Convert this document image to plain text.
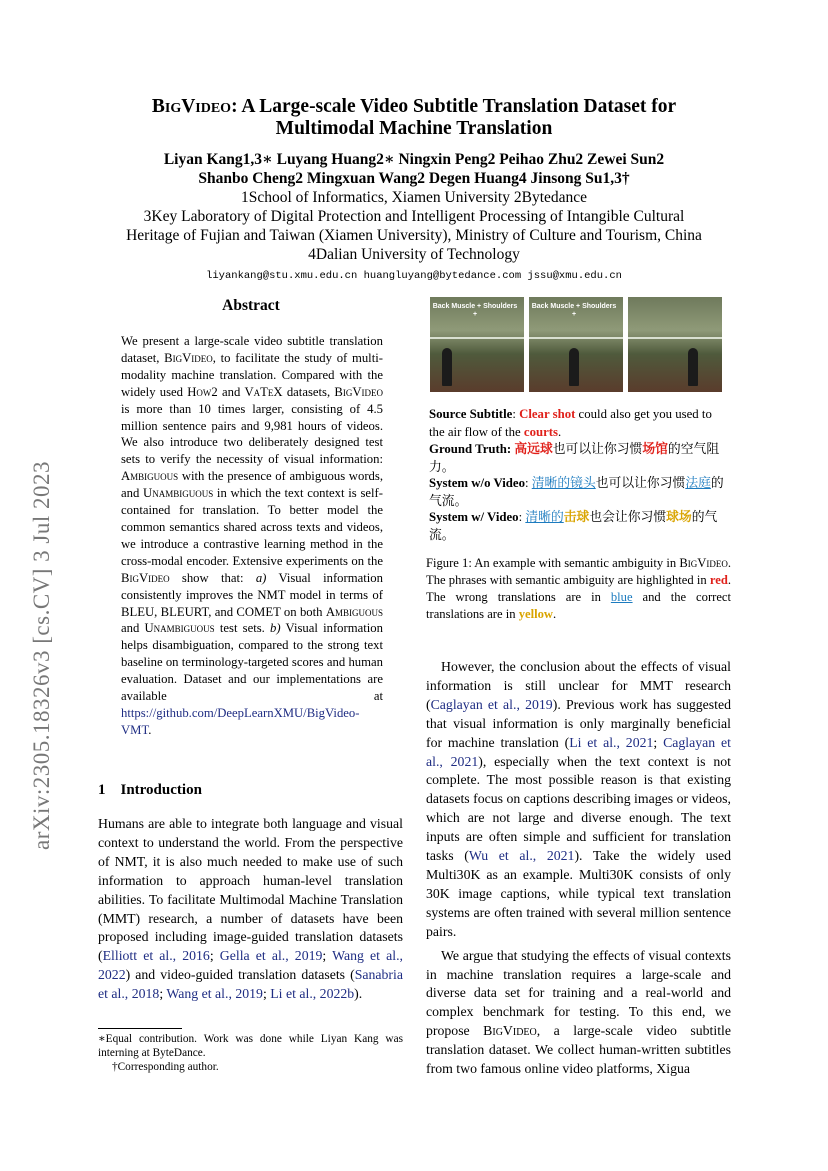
arXiv:2305.18326v3 [cs.CV] 3 Jul 2023
BigVideo: A Large-scale Video Subtitle Translation Dataset for
Multimodal Machine Translation
Liyan Kang1,3∗ Luyang Huang2∗ Ningxin Peng2 Peihao Zhu2 Zewei Sun2
Shanbo Cheng2 Mingxuan Wang2 Degen Huang4 Jinsong Su1,3†
1School of Informatics, Xiamen University 2Bytedance
3Key Laboratory of Digital Protection and Intelligent Processing of Intangible Cultural
Heritage of Fujian and Taiwan (Xiamen University), Ministry of Culture and Tourism, China
4Dalian University of Technology
liyankang@stu.xmu.edu.cn huangluyang@bytedance.com jssu@xmu.edu.cn
Abstract
We present a large-scale video subtitle translation dataset, BigVideo, to facilitate the study of multi-modality machine translation. Compared with the widely used How2 and VaTeX datasets, BigVideo is more than 10 times larger, consisting of 4.5 million sentence pairs and 9,981 hours of videos. We also introduce two deliberately designed test sets to verify the necessity of visual information: Ambiguous with the presence of ambiguous words, and Unambiguous in which the text context is self-contained for translation. To better model the common semantics shared across texts and videos, we introduce a contrastive learning method in the cross-modal encoder. Extensive experiments on the BigVideo show that: a) Visual information consistently improves the NMT model in terms of BLEU, BLEURT, and COMET on both Ambiguous and Unambiguous test sets. b) Visual information helps disambiguation, compared to the strong text baseline on terminology-targeted scores and human evaluation. Dataset and our implementations are available at https://github.com/DeepLearnXMU/BigVideo-VMT.
1 Introduction
Humans are able to integrate both language and visual context to understand the world. From the perspective of NMT, it is also much needed to make use of such information to approach human-level translation abilities. To facilitate Multimodal Machine Translation (MMT) research, a number of datasets have been proposed including image-guided translation datasets (Elliott et al., 2016; Gella et al., 2019; Wang et al., 2022) and video-guided translation datasets (Sanabria et al., 2018; Wang et al., 2019; Li et al., 2022b).
∗Equal contribution. Work was done while Liyan Kang was interning at ByteDance.
†Corresponding author.
Back Muscle + Shoulders +
Back Muscle + Shoulders +
Source Subtitle: Clear shot could also get you used to the air flow of the courts.
Ground Truth: 高远球也可以让你习惯场馆的空气阻力。
System w/o Video: 清晰的镜头也可以让你习惯法庭的气流。
System w/ Video: 清晰的击球也会让你习惯球场的气流。
Figure 1: An example with semantic ambiguity in BigVideo. The phrases with semantic ambiguity are highlighted in red. The wrong translations are in blue and the correct translations are in yellow.

However, the conclusion about the effects of visual information is still unclear for MMT research (Caglayan et al., 2019). Previous work has suggested that visual information is only marginally beneficial for machine translation (Li et al., 2021; Caglayan et al., 2021), especially when the text context is not complete. The most possible reason is that existing datasets focus on captions describing images or videos, which are not large and diverse enough. The text inputs are often simple and sufficient for translation tasks (Wu et al., 2021). Take the widely used Multi30K as an example. Multi30K consists of only 30K image captions, while typical text translation systems are often trained with several million sentence pairs.

We argue that studying the effects of visual contexts in machine translation requires a large-scale and diverse data set for training and a real-world and complex benchmark for testing. To this end, we propose BigVideo, a large-scale video subtitle translation dataset. We collect human-written subtitles from two famous online video platforms, Xigua
